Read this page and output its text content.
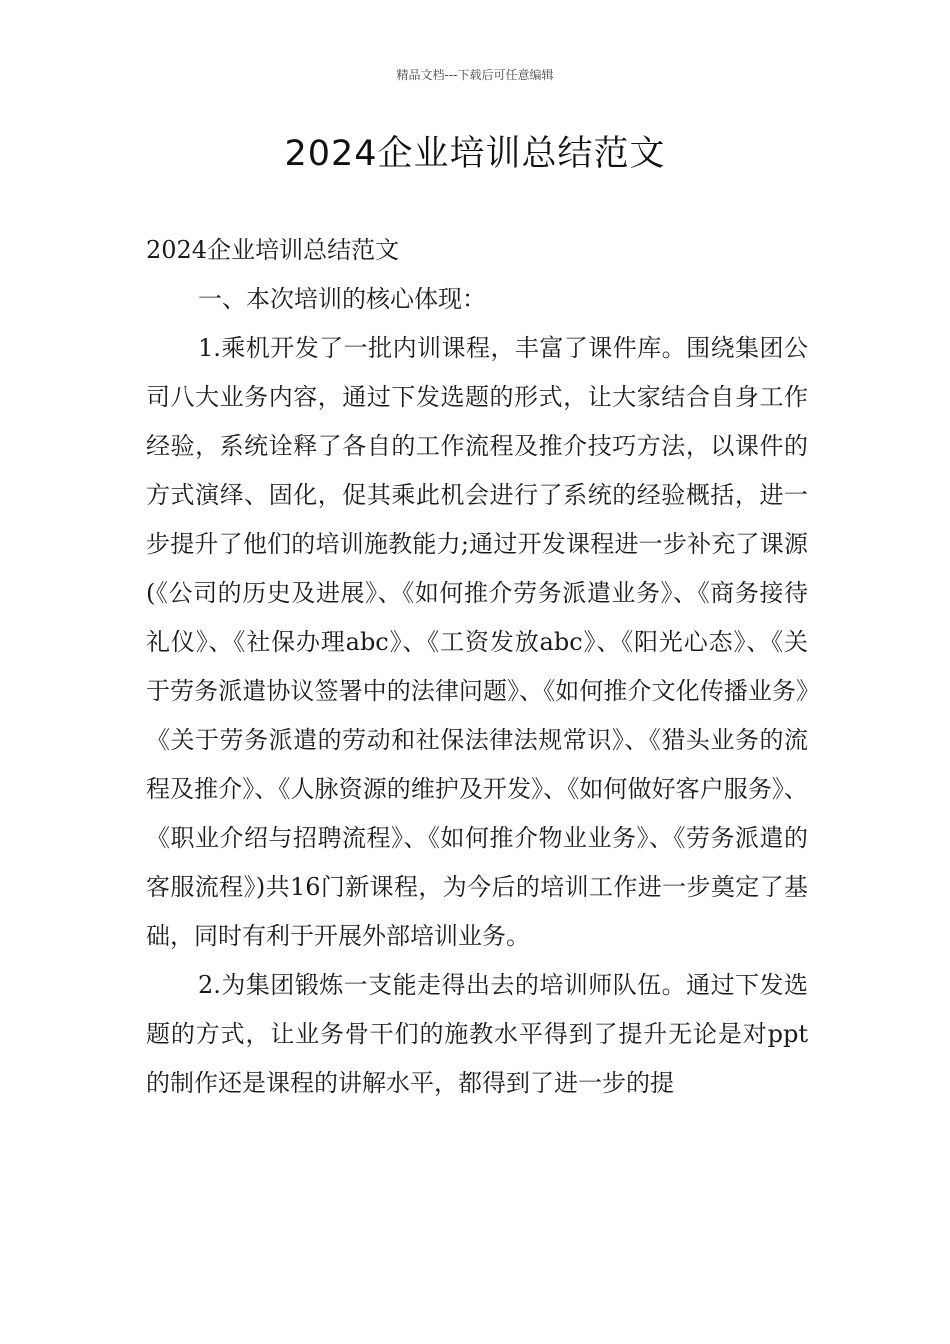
精品文档---下载后可任意编辑
2024企业培训总结范文

2024企业培训总结范文

一、本次培训的核心体现：

1.乘机开发了一批内训课程，丰富了课件库。围绕集团公司八大业务内容，通过下发选题的形式，让大家结合自身工作经验，系统诠释了各自的工作流程及推介技巧方法，以课件的方式演绎、固化，促其乘此机会进行了系统的经验概括，进一步提升了他们的培训施教能力;通过开发课程进一步补充了课源(《公司的历史及进展》、《如何推介劳务派遣业务》、《商务接待礼仪》、《社保办理abc》、《工资发放abc》、《阳光心态》、《关于劳务派遣协议签署中的法律问题》、《如何推介文化传播业务》《关于劳务派遣的劳动和社保法律法规常识》、《猎头业务的流程及推介》、《人脉资源的维护及开发》、《如何做好客户服务》、《职业介绍与招聘流程》、《如何推介物业业务》、《劳务派遣的客服流程》)共16门新课程，为今后的培训工作进一步奠定了基础，同时有利于开展外部培训业务。

2.为集团锻炼一支能走得出去的培训师队伍。通过下发选题的方式，让业务骨干们的施教水平得到了提升无论是对ppt的制作还是课程的讲解水平，都得到了进一步的提
